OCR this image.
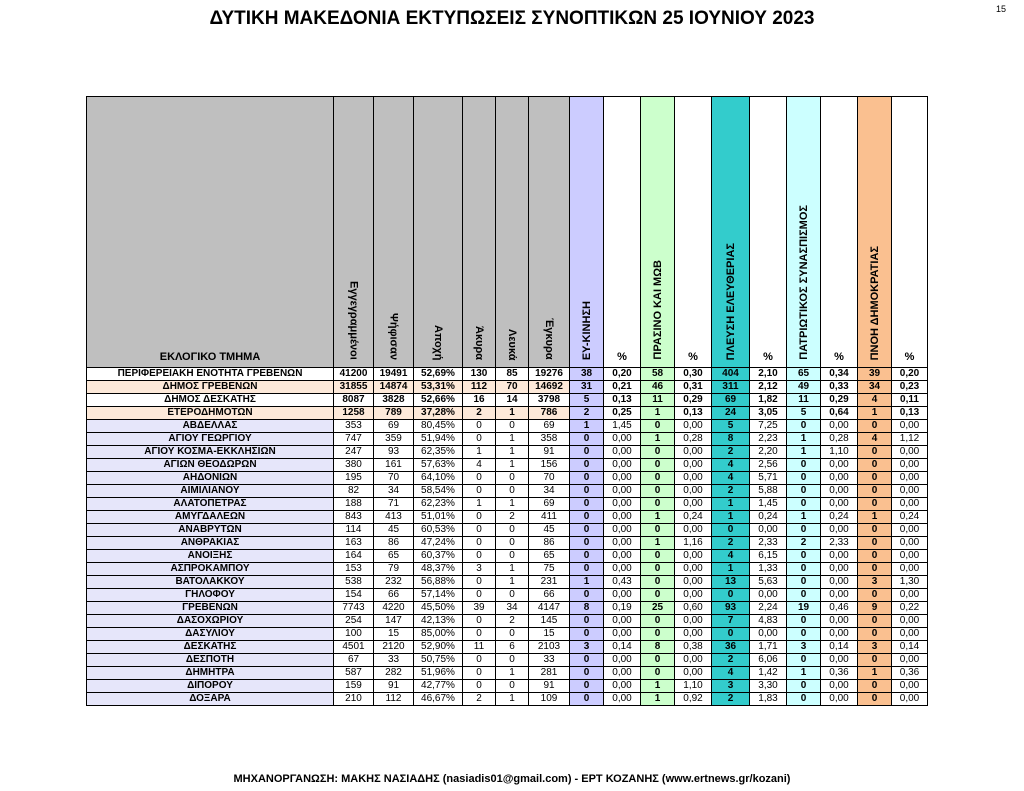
ΔΥΤΙΚΗ ΜΑΚΕΔΟΝΙΑ ΕΚΤΥΠΩΣΕΙΣ ΣΥΝΟΠΤΙΚΩΝ 25 ΙΟΥΝΙΟΥ 2023	15
ΕΚΛΟΓΙΚΟ ΤΜΗΜΑ	Εγγεγραμμένοι	Ψήφισαν	Αποχή	Άκυρα	Λευκά	Έγκυρα	ΕΥ-ΚΙΝΗΣΗ	%	ΠΡΑΣΙΝΟ ΚΑΙ ΜΩΒ	%	ΠΛΕΥΣΗ ΕΛΕΥΘΕΡΙΑΣ	%	ΠΑΤΡΙΩΤΙΚΟΣ ΣΥΝΑΣΠΙΣΜΟΣ	%	ΠΝΟΗ ΔΗΜΟΚΡΑΤΙΑΣ	%
ΠΕΡΙΦΕΡΕΙΑΚΗ ΕΝΟΤΗΤΑ ΓΡΕΒΕΝΩΝ	41200	19491	52,69%	130	85	19276	38	0,20	58	0,30	404	2,10	65	0,34	39	0,20
ΔΗΜΟΣ ΓΡΕΒΕΝΩΝ	31855	14874	53,31%	112	70	14692	31	0,21	46	0,31	311	2,12	49	0,33	34	0,23
ΔΗΜΟΣ ΔΕΣΚΑΤΗΣ	8087	3828	52,66%	16	14	3798	5	0,13	11	0,29	69	1,82	11	0,29	4	0,11
ΕΤΕΡΟΔΗΜΟΤΩΝ	1258	789	37,28%	2	1	786	2	0,25	1	0,13	24	3,05	5	0,64	1	0,13
ΑΒΔΕΛΛΑΣ	353	69	80,45%	0	0	69	1	1,45	0	0,00	5	7,25	0	0,00	0	0,00
ΑΓΙΟΥ ΓΕΩΡΓΙΟΥ	747	359	51,94%	0	1	358	0	0,00	1	0,28	8	2,23	1	0,28	4	1,12
ΑΓΙΟΥ ΚΟΣΜΑ-ΕΚΚΛΗΣΙΩΝ	247	93	62,35%	1	1	91	0	0,00	0	0,00	2	2,20	1	1,10	0	0,00
ΑΓΙΩΝ ΘΕΟΔΩΡΩΝ	380	161	57,63%	4	1	156	0	0,00	0	0,00	4	2,56	0	0,00	0	0,00
ΑΗΔΟΝΙΩΝ	195	70	64,10%	0	0	70	0	0,00	0	0,00	4	5,71	0	0,00	0	0,00
ΑΙΜΙΛΙΑΝΟΥ	82	34	58,54%	0	0	34	0	0,00	0	0,00	2	5,88	0	0,00	0	0,00
ΑΛΑΤΟΠΕΤΡΑΣ	188	71	62,23%	1	1	69	0	0,00	0	0,00	1	1,45	0	0,00	0	0,00
ΑΜΥΓΔΑΛΕΩΝ	843	413	51,01%	0	2	411	0	0,00	1	0,24	1	0,24	1	0,24	1	0,24
ΑΝΑΒΡΥΤΩΝ	114	45	60,53%	0	0	45	0	0,00	0	0,00	0	0,00	0	0,00	0	0,00
ΑΝΘΡΑΚΙΑΣ	163	86	47,24%	0	0	86	0	0,00	1	1,16	2	2,33	2	2,33	0	0,00
ΑΝΟΙΞΗΣ	164	65	60,37%	0	0	65	0	0,00	0	0,00	4	6,15	0	0,00	0	0,00
ΑΣΠΡΟΚΑΜΠΟΥ	153	79	48,37%	3	1	75	0	0,00	0	0,00	1	1,33	0	0,00	0	0,00
ΒΑΤΟΛΑΚΚΟΥ	538	232	56,88%	0	1	231	1	0,43	0	0,00	13	5,63	0	0,00	3	1,30
ΓΗΛΟΦΟΥ	154	66	57,14%	0	0	66	0	0,00	0	0,00	0	0,00	0	0,00	0	0,00
ΓΡΕΒΕΝΩΝ	7743	4220	45,50%	39	34	4147	8	0,19	25	0,60	93	2,24	19	0,46	9	0,22
ΔΑΣΟΧΩΡΙΟΥ	254	147	42,13%	0	2	145	0	0,00	0	0,00	7	4,83	0	0,00	0	0,00
ΔΑΣΥΛΙΟΥ	100	15	85,00%	0	0	15	0	0,00	0	0,00	0	0,00	0	0,00	0	0,00
ΔΕΣΚΑΤΗΣ	4501	2120	52,90%	11	6	2103	3	0,14	8	0,38	36	1,71	3	0,14	3	0,14
ΔΕΣΠΟΤΗ	67	33	50,75%	0	0	33	0	0,00	0	0,00	2	6,06	0	0,00	0	0,00
ΔΗΜΗΤΡΑ	587	282	51,96%	0	1	281	0	0,00	0	0,00	4	1,42	1	0,36	1	0,36
ΔΙΠΟΡΟΥ	159	91	42,77%	0	0	91	0	0,00	1	1,10	3	3,30	0	0,00	0	0,00
ΔΟΞΑΡΑ	210	112	46,67%	2	1	109	0	0,00	1	0,92	2	1,83	0	0,00	0	0,00
ΜΗΧΑΝΟΡΓΑΝΩΣΗ: ΜΑΚΗΣ ΝΑΣΙΑΔΗΣ (nasiadis01@gmail.com) - ΕΡΤ ΚΟΖΑΝΗΣ (www.ertnews.gr/kozani)
